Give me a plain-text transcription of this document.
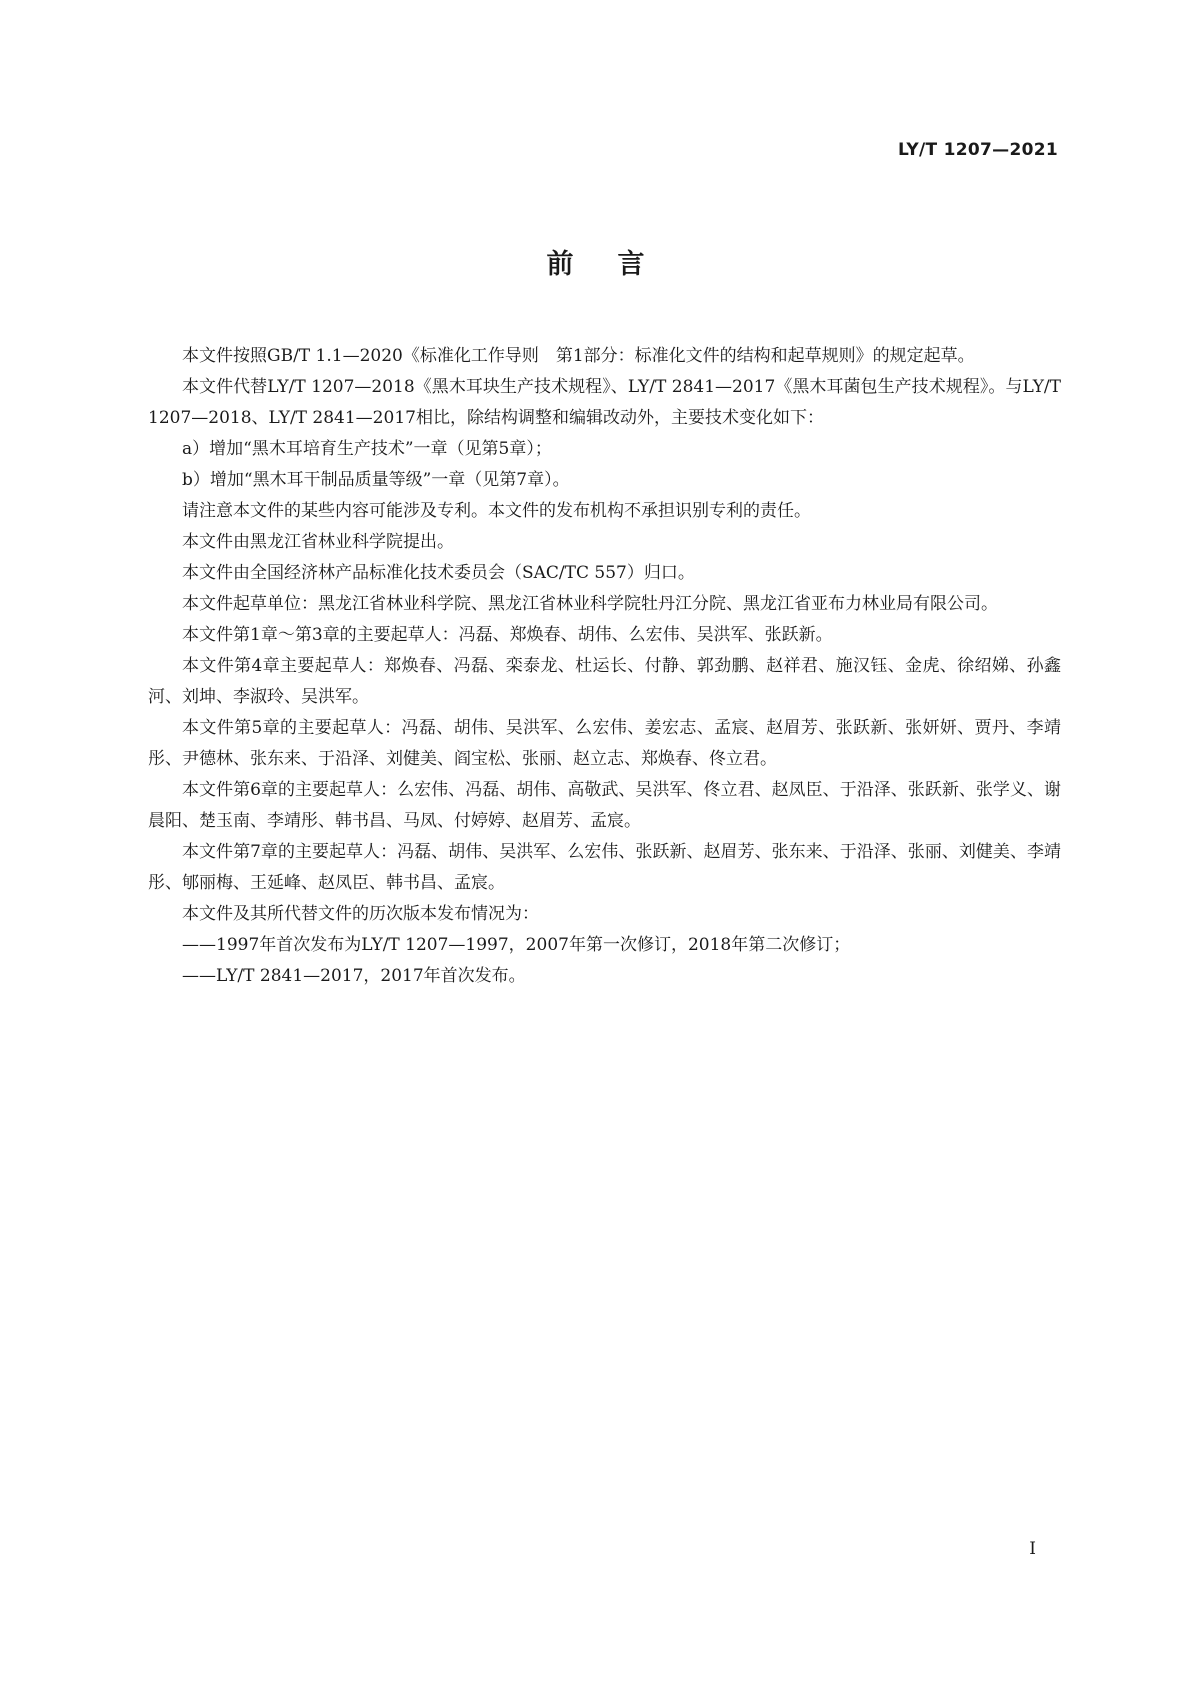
LY/T 1207—2021
前言

本文件按照GB/T 1.1—2020《标准化工作导则　第1部分：标准化文件的结构和起草规则》的规定起草。

本文件代替LY/T 1207—2018《黑木耳块生产技术规程》、LY/T 2841—2017《黑木耳菌包生产技术规程》。与LY/T 1207—2018、LY/T 2841—2017相比，除结构调整和编辑改动外，主要技术变化如下：

a）增加“黑木耳培育生产技术”一章（见第5章）；

b）增加“黑木耳干制品质量等级”一章（见第7章）。

请注意本文件的某些内容可能涉及专利。本文件的发布机构不承担识别专利的责任。

本文件由黑龙江省林业科学院提出。

本文件由全国经济林产品标准化技术委员会（SAC/TC 557）归口。

本文件起草单位：黑龙江省林业科学院、黑龙江省林业科学院牡丹江分院、黑龙江省亚布力林业局有限公司。

本文件第1章～第3章的主要起草人：冯磊、郑焕春、胡伟、么宏伟、吴洪军、张跃新。

本文件第4章主要起草人：郑焕春、冯磊、栾泰龙、杜运长、付静、郭劲鹏、赵祥君、施汉钰、金虎、徐绍娣、孙鑫河、刘坤、李淑玲、吴洪军。

本文件第5章的主要起草人：冯磊、胡伟、吴洪军、么宏伟、姜宏志、孟宸、赵眉芳、张跃新、张妍妍、贾丹、李靖彤、尹德林、张东来、于沿泽、刘健美、阎宝松、张丽、赵立志、郑焕春、佟立君。

本文件第6章的主要起草人：么宏伟、冯磊、胡伟、高敬武、吴洪军、佟立君、赵凤臣、于沿泽、张跃新、张学义、谢晨阳、楚玉南、李靖彤、韩书昌、马凤、付婷婷、赵眉芳、孟宸。

本文件第7章的主要起草人：冯磊、胡伟、吴洪军、么宏伟、张跃新、赵眉芳、张东来、于沿泽、张丽、刘健美、李靖彤、郇丽梅、王延峰、赵凤臣、韩书昌、孟宸。

本文件及其所代替文件的历次版本发布情况为：

——1997年首次发布为LY/T 1207—1997，2007年第一次修订，2018年第二次修订；

——LY/T 2841—2017，2017年首次发布。

I
